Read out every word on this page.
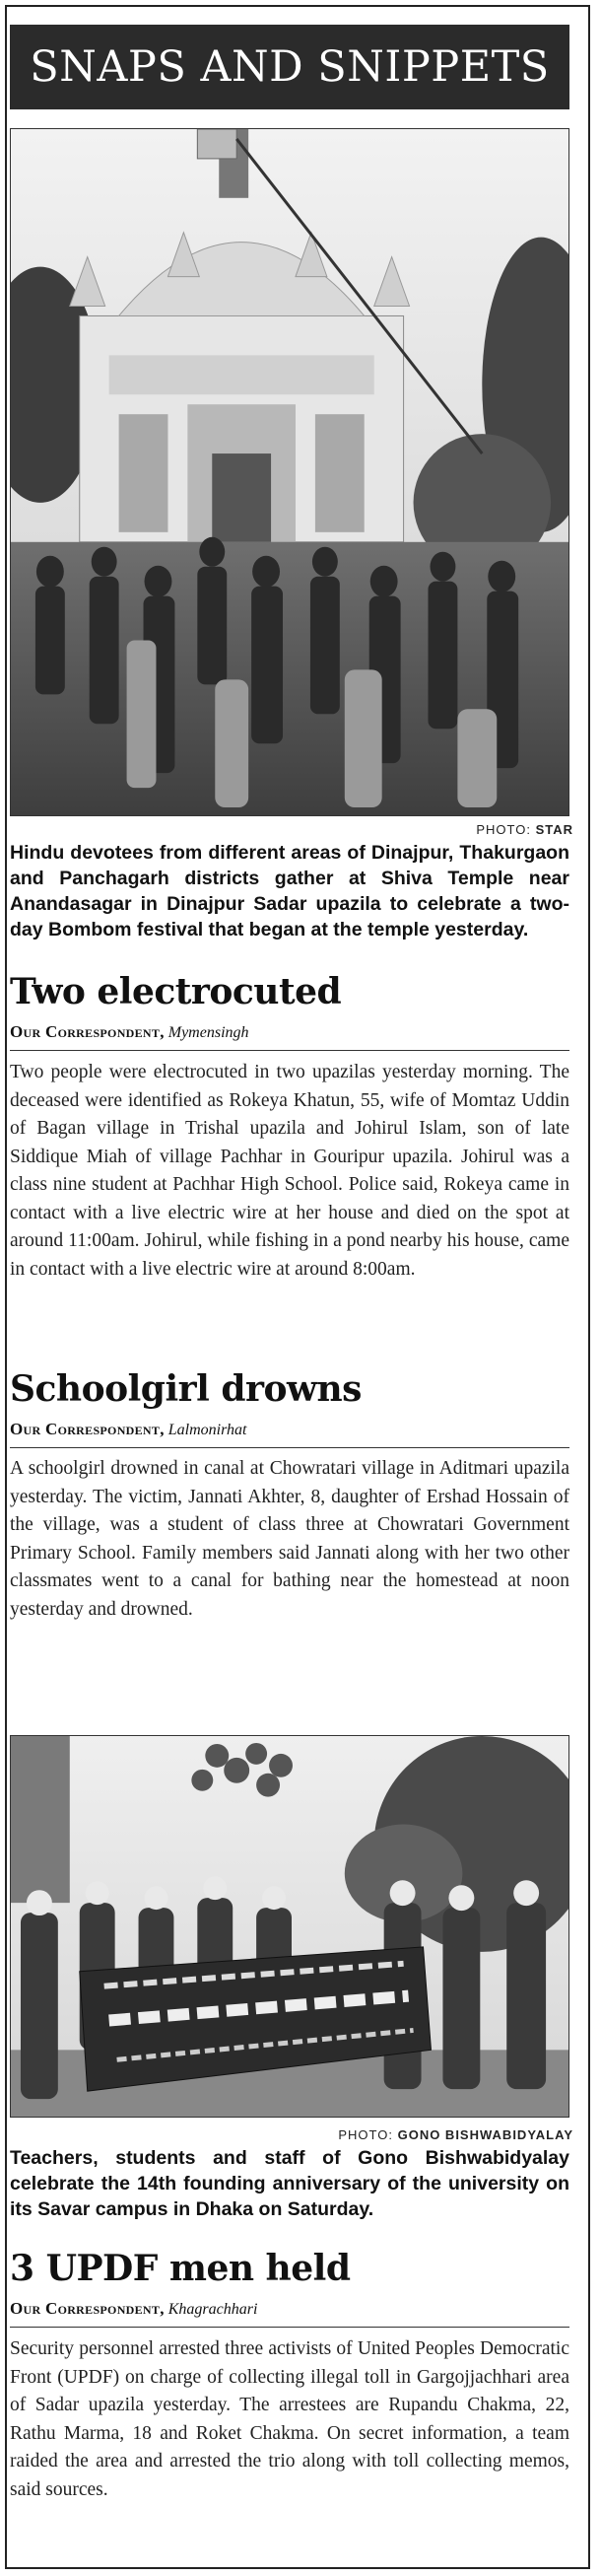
SNAPS AND SNIPPETS
PHOTO: STAR
Hindu devotees from different areas of Dinajpur, Thakurgaon and Panchagarh districts gather at Shiva Temple near Anandasagar in Dinajpur Sadar upazila to celebrate a two-day Bombom festival that began at the temple yesterday.
Two electrocuted
Our Correspondent, Mymensingh
Two people were electrocuted in two upazilas yesterday morning. The deceased were identified as Rokeya Khatun, 55, wife of Momtaz Uddin of Bagan village in Trishal upazila and Johirul Islam, son of late Siddique Miah of village Pachhar in Gouripur upazila. Johirul was a class nine student at Pachhar High School. Police said, Rokeya came in contact with a live electric wire at her house and died on the spot at around 11:00am. Johirul, while fishing in a pond nearby his house, came in contact with a live electric wire at around 8:00am.
Schoolgirl drowns
Our Correspondent, Lalmonirhat
A schoolgirl drowned in canal at Chowratari village in Aditmari upazila yesterday. The victim, Jannati Akhter, 8, daughter of Ershad Hossain of the village, was a student of class three at Chowratari Government Primary School. Family members said Jannati along with her two other classmates went to a canal for bathing near the homestead at noon yesterday and drowned.
PHOTO: GONO BISHWABIDYALAY
Teachers, students and staff of Gono Bishwabidyalay celebrate the 14th founding anniversary of the university on its Savar campus in Dhaka on Saturday.
3 UPDF men held
Our Correspondent, Khagrachhari
Security personnel arrested three activists of United Peoples Democratic Front (UPDF) on charge of collecting illegal toll in Gargojjachhari area of Sadar upazila yesterday. The arrestees are Rupandu Chakma, 22, Rathu Marma, 18 and Roket Chakma. On secret information, a team raided the area and arrested the trio along with toll collecting memos, said sources.
